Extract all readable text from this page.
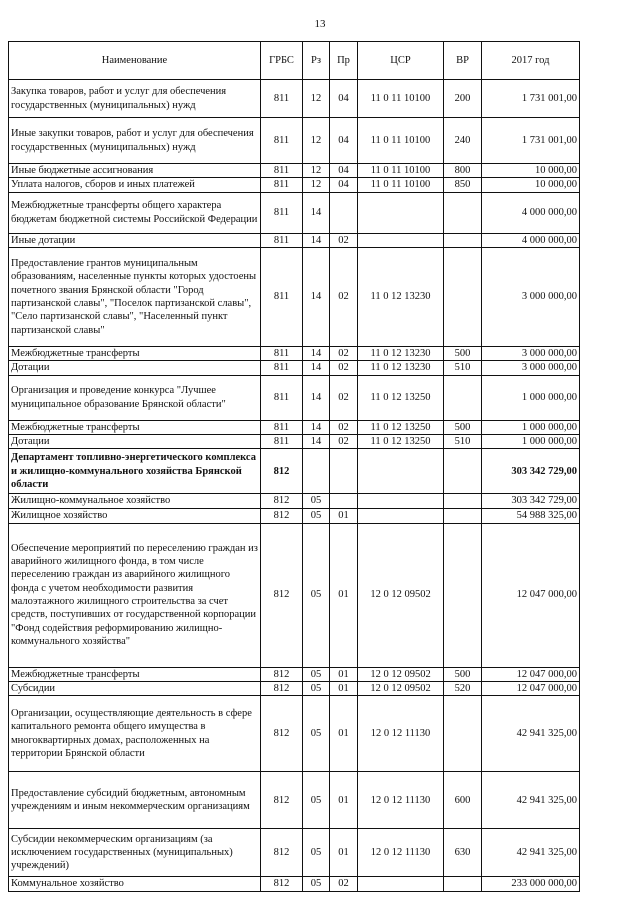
13
Наименование	ГРБС	Рз	Пр	ЦСР	ВР	2017 год
Закупка товаров, работ и услуг для обеспечения государственных (муниципальных) нужд	811	12	04	11 0 11 10100	200	1 731 001,00
Иные закупки товаров, работ и услуг для обеспечения государственных (муниципальных) нужд	811	12	04	11 0 11 10100	240	1 731 001,00
Иные бюджетные ассигнования	811	12	04	11 0 11 10100	800	10 000,00
Уплата налогов, сборов и иных платежей	811	12	04	11 0 11 10100	850	10 000,00
Межбюджетные трансферты общего характера бюджетам бюджетной системы Российской Федерации	811	14				4 000 000,00
Иные дотации	811	14	02			4 000 000,00
Предоставление грантов муниципальным образованиям, населенные пункты которых удостоены почетного звания Брянской области "Город партизанской славы", "Поселок партизанской славы", "Село партизанской славы", "Населенный пункт партизанской славы"	811	14	02	11 0 12 13230		3 000 000,00
Межбюджетные трансферты	811	14	02	11 0 12 13230	500	3 000 000,00
Дотации	811	14	02	11 0 12 13230	510	3 000 000,00
Организация и проведение конкурса "Лучшее муниципальное образование Брянской области"	811	14	02	11 0 12 13250		1 000 000,00
Межбюджетные трансферты	811	14	02	11 0 12 13250	500	1 000 000,00
Дотации	811	14	02	11 0 12 13250	510	1 000 000,00
Департамент топливно-энергетического комплекса и жилищно-коммунального хозяйства Брянской области	812					303 342 729,00
Жилищно-коммунальное хозяйство	812	05				303 342 729,00
Жилищное хозяйство	812	05	01			54 988 325,00
Обеспечение мероприятий по переселению граждан из аварийного жилищного фонда, в том числе переселению граждан из аварийного жилищного фонда с учетом необходимости развития малоэтажного жилищного строительства за счет средств, поступивших от государственной корпорации "Фонд содействия реформированию жилищно-коммунального хозяйства"	812	05	01	12 0 12 09502		12 047 000,00
Межбюджетные трансферты	812	05	01	12 0 12 09502	500	12 047 000,00
Субсидии	812	05	01	12 0 12 09502	520	12 047 000,00
Организации, осуществляющие деятельность в сфере капитального ремонта общего имущества в многоквартирных домах, расположенных на территории Брянской области	812	05	01	12 0 12 11130		42 941 325,00
Предоставление субсидий бюджетным, автономным учреждениям и иным некоммерческим организациям	812	05	01	12 0 12 11130	600	42 941 325,00
Субсидии некоммерческим организациям (за исключением государственных (муниципальных) учреждений)	812	05	01	12 0 12 11130	630	42 941 325,00
Коммунальное хозяйство	812	05	02			233 000 000,00
